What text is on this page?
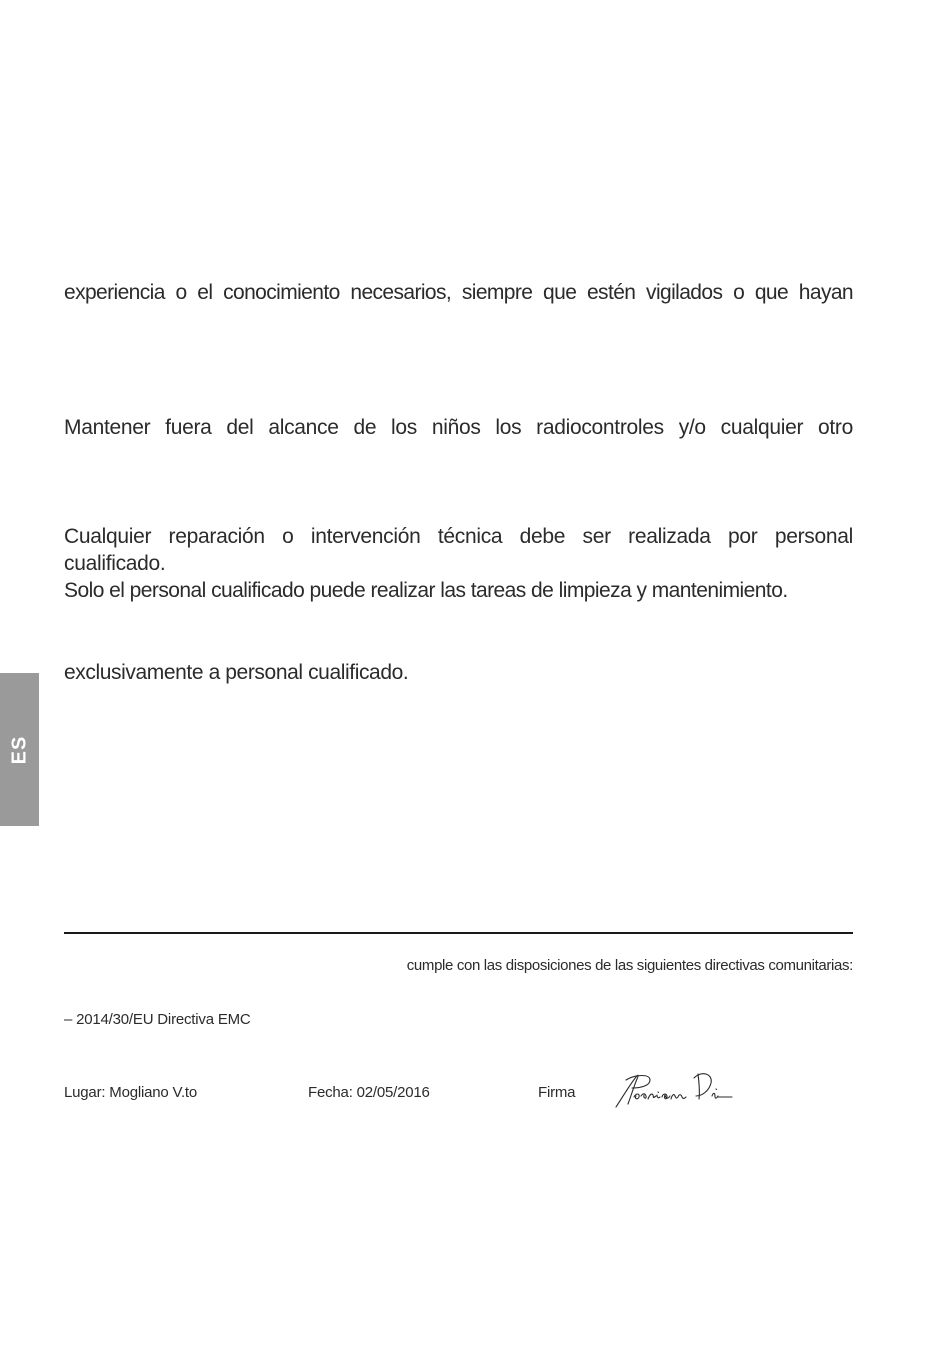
experiencia o el conocimiento necesarios, siempre que estén vigilados o que hayan

Mantener fuera del alcance de los niños los radiocontroles y/o cualquier otro

Cualquier reparación o intervención técnica debe ser realizada por personal

cualificado.

Solo el personal cualificado puede realizar las tareas de limpieza y mantenimiento.

exclusivamente a personal cualificado.

ES

cumple con las disposiciones de las siguientes directivas comunitarias:

– 2014/30/EU Directiva EMC

Lugar: Mogliano V.to	Fecha: 02/05/2016	Firma
